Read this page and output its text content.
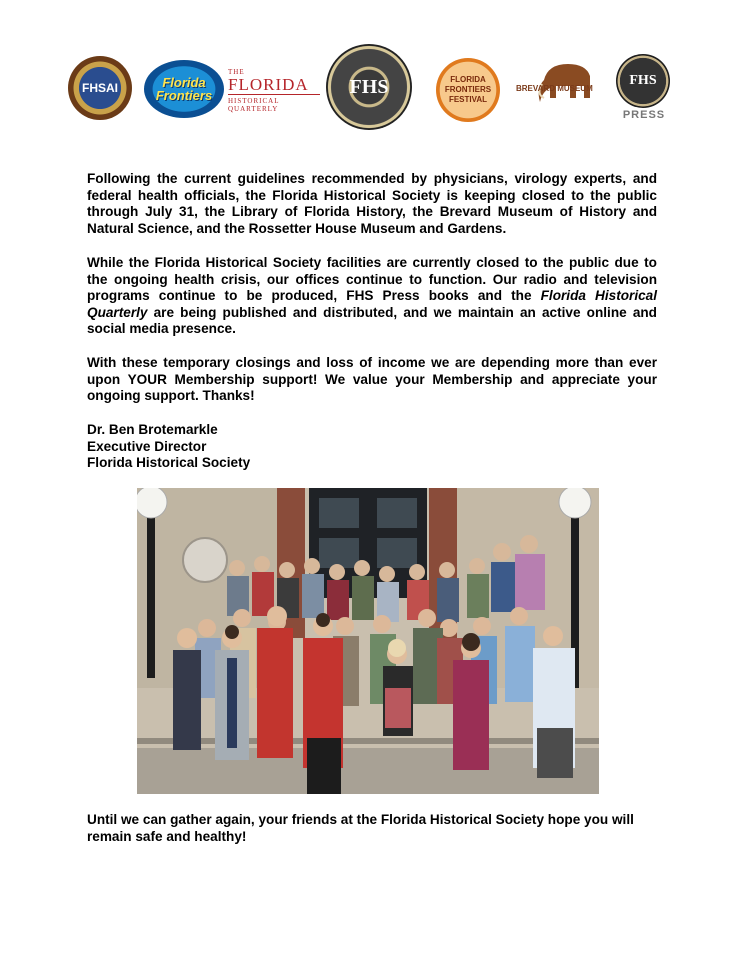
FHSAI	Florida Frontiers
THE
FLORIDA
HISTORICAL QUARTERLY
FHS	FLORIDA FRONTIERS FESTIVAL
BREVARD MUSEUM
FHS
PRESS
Following the current guidelines recommended by physicians, virology experts, and federal health officials, the Florida Historical Society is keeping closed to the public through July 31, the Library of Florida History, the Brevard Museum of History and Natural Science, and the Rossetter House Museum and Gardens.
While the Florida Historical Society facilities are currently closed to the public due to the ongoing health crisis, our offices continue to function. Our radio and television programs continue to be produced, FHS Press books and the Florida Historical Quarterly are being published and distributed, and we maintain an active online and social media presence.
With these temporary closings and loss of income we are depending more than ever upon YOUR Membership support! We value your Membership and appreciate your ongoing support. Thanks!
Dr. Ben Brotemarkle
Executive Director
Florida Historical Society
Until we can gather again, your friends at the Florida Historical Society hope you will remain safe and healthy!
